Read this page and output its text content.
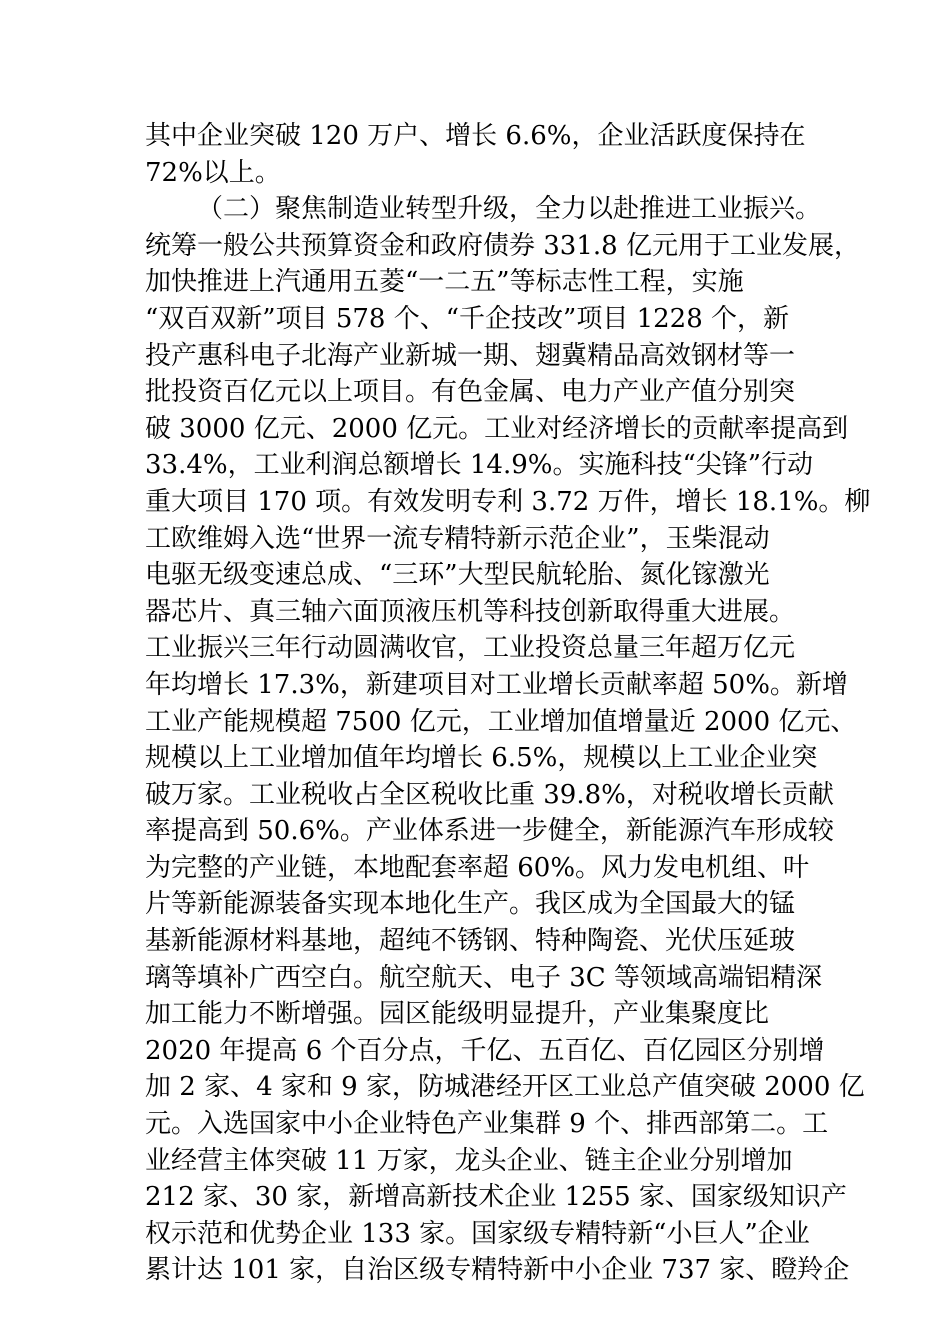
其中企业突破 120 万户、增长 6.6%，企业活跃度保持在
72%以上。
（二）聚焦制造业转型升级，全力以赴推进工业振兴。
统筹一般公共预算资金和政府债券 331.8 亿元用于工业发展，
加快推进上汽通用五菱“一二五”等标志性工程，实施
“双百双新”项目 578 个、“千企技改”项目 1228 个，新
投产惠科电子北海产业新城一期、翅冀精品高效钢材等一
批投资百亿元以上项目。有色金属、电力产业产值分别突
破 3000 亿元、2000 亿元。工业对经济增长的贡献率提高到
33.4%，工业利润总额增长 14.9%。实施科技“尖锋”行动
重大项目 170 项。有效发明专利 3.72 万件，增长 18.1%。柳
工欧维姆入选“世界一流专精特新示范企业”，玉柴混动
电驱无级变速总成、“三环”大型民航轮胎、氮化镓激光
器芯片、真三轴六面顶液压机等科技创新取得重大进展。
工业振兴三年行动圆满收官，工业投资总量三年超万亿元
年均增长 17.3%，新建项目对工业增长贡献率超 50%。新增
工业产能规模超 7500 亿元，工业增加值增量近 2000 亿元、
规模以上工业增加值年均增长 6.5%，规模以上工业企业突
破万家。工业税收占全区税收比重 39.8%，对税收增长贡献
率提高到 50.6%。产业体系进一步健全，新能源汽车形成较
为完整的产业链，本地配套率超 60%。风力发电机组、叶
片等新能源装备实现本地化生产。我区成为全国最大的锰
基新能源材料基地，超纯不锈钢、特种陶瓷、光伏压延玻
璃等填补广西空白。航空航天、电子 3C 等领域高端铝精深
加工能力不断增强。园区能级明显提升，产业集聚度比
2020 年提高 6 个百分点，千亿、五百亿、百亿园区分别增
加 2 家、4 家和 9 家，防城港经开区工业总产值突破 2000 亿
元。入选国家中小企业特色产业集群 9 个、排西部第二。工
业经营主体突破 11 万家，龙头企业、链主企业分别增加
212 家、30 家，新增高新技术企业 1255 家、国家级知识产
权示范和优势企业 133 家。国家级专精特新“小巨人”企业
累计达 101 家，自治区级专精特新中小企业 737 家、瞪羚企
